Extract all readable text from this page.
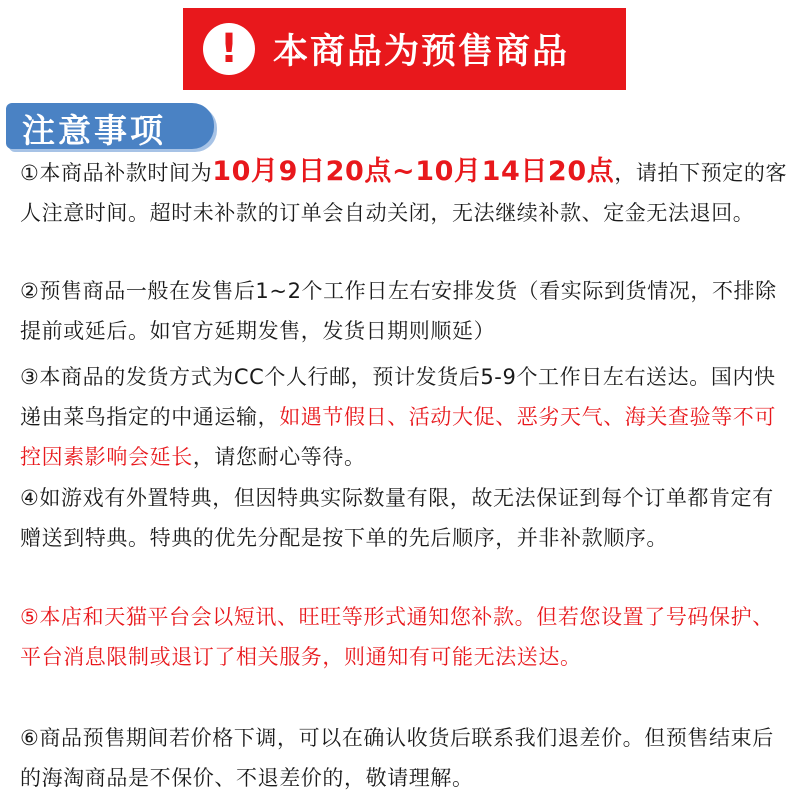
! 本商品为预售商品
注意事项
①本商品补款时间为10月9日20点~10月14日20点，请拍下预定的客人注意时间。超时未补款的订单会自动关闭，无法继续补款、定金无法退回。
②预售商品一般在发售后1~2个工作日左右安排发货（看实际到货情况，不排除提前或延后。如官方延期发售，发货日期则顺延）
③本商品的发货方式为CC个人行邮，预计发货后5-9个工作日左右送达。国内快递由菜鸟指定的中通运输，如遇节假日、活动大促、恶劣天气、海关查验等不可控因素影响会延长，请您耐心等待。
④如游戏有外置特典，但因特典实际数量有限，故无法保证到每个订单都肯定有赠送到特典。特典的优先分配是按下单的先后顺序，并非补款顺序。
⑤本店和天猫平台会以短讯、旺旺等形式通知您补款。但若您设置了号码保护、平台消息限制或退订了相关服务，则通知有可能无法送达。
⑥商品预售期间若价格下调，可以在确认收货后联系我们退差价。但预售结束后的海淘商品是不保价、不退差价的，敬请理解。
